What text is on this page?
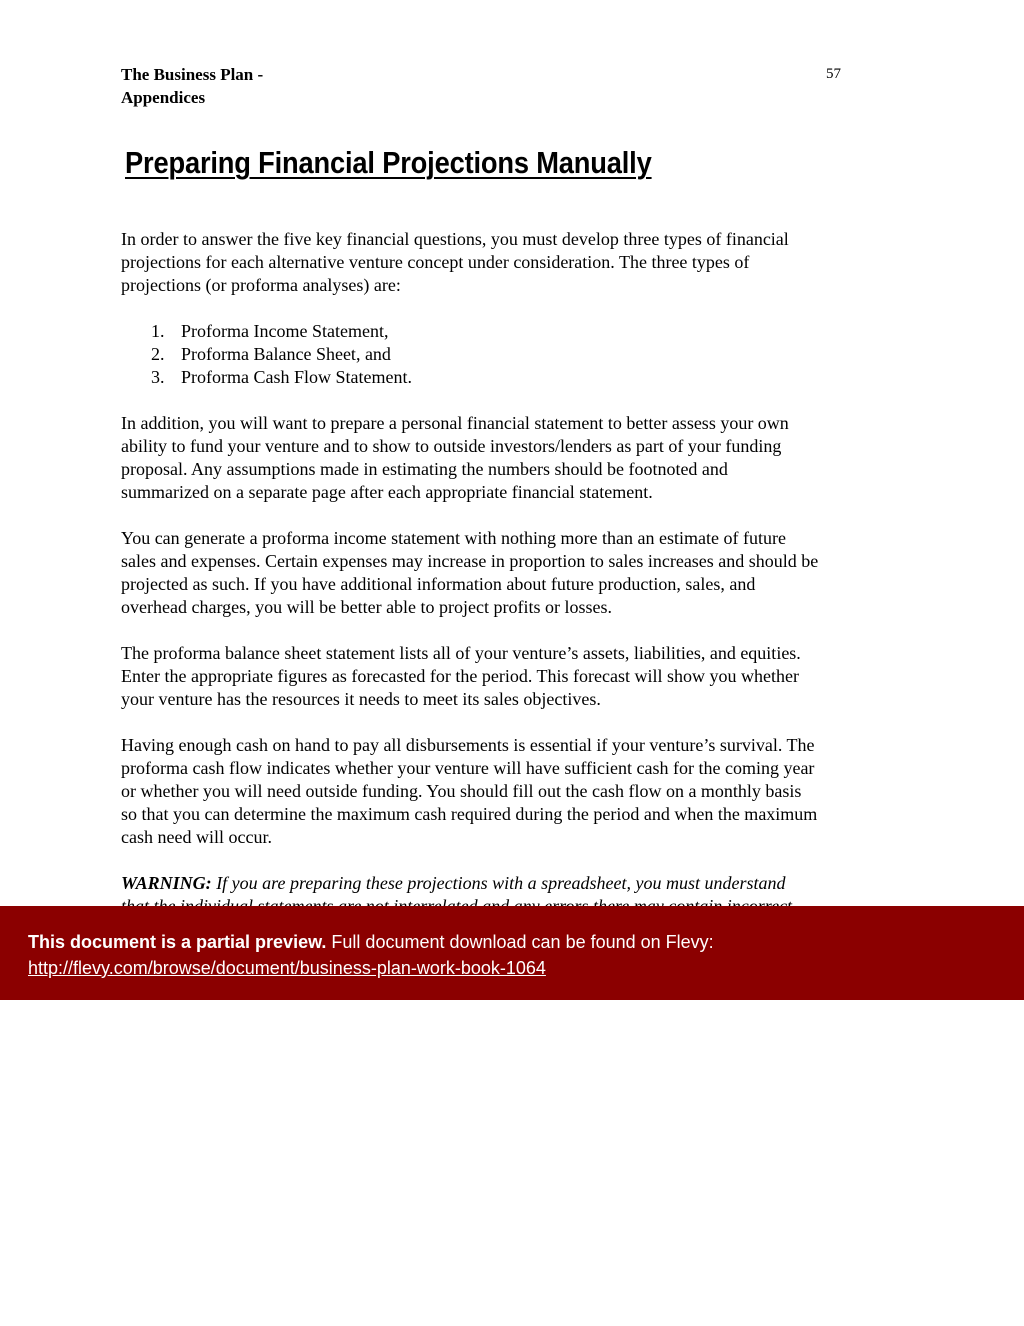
The Business Plan -
Appendices
57
Preparing Financial Projections Manually

In order to answer the five key financial questions, you must develop three types of financial
projections for each alternative venture concept under consideration. The three types of
projections (or proforma analyses) are:

1. Proforma Income Statement,
2. Proforma Balance Sheet, and
3. Proforma Cash Flow Statement.

In addition, you will want to prepare a personal financial statement to better assess your own
ability to fund your venture and to show to outside investors/lenders as part of your funding
proposal. Any assumptions made in estimating the numbers should be footnoted and
summarized on a separate page after each appropriate financial statement.

You can generate a proforma income statement with nothing more than an estimate of future
sales and expenses. Certain expenses may increase in proportion to sales increases and should be
projected as such. If you have additional information about future production, sales, and
overhead charges, you will be better able to project profits or losses.

The proforma balance sheet statement lists all of your venture’s assets, liabilities, and equities.
Enter the appropriate figures as forecasted for the period. This forecast will show you whether
your venture has the resources it needs to meet its sales objectives.

Having enough cash on hand to pay all disbursements is essential if your venture’s survival. The
proforma cash flow indicates whether your venture will have sufficient cash for the coming year
or whether you will need outside funding. You should fill out the cash flow on a monthly basis
so that you can determine the maximum cash required during the period and when the maximum
cash need will occur.

WARNING: If you are preparing these projections with a spreadsheet, you must understand

This document is a partial preview. Full document download can be found on Flevy:
http://flevy.com/browse/document/business-plan-work-book-1064
